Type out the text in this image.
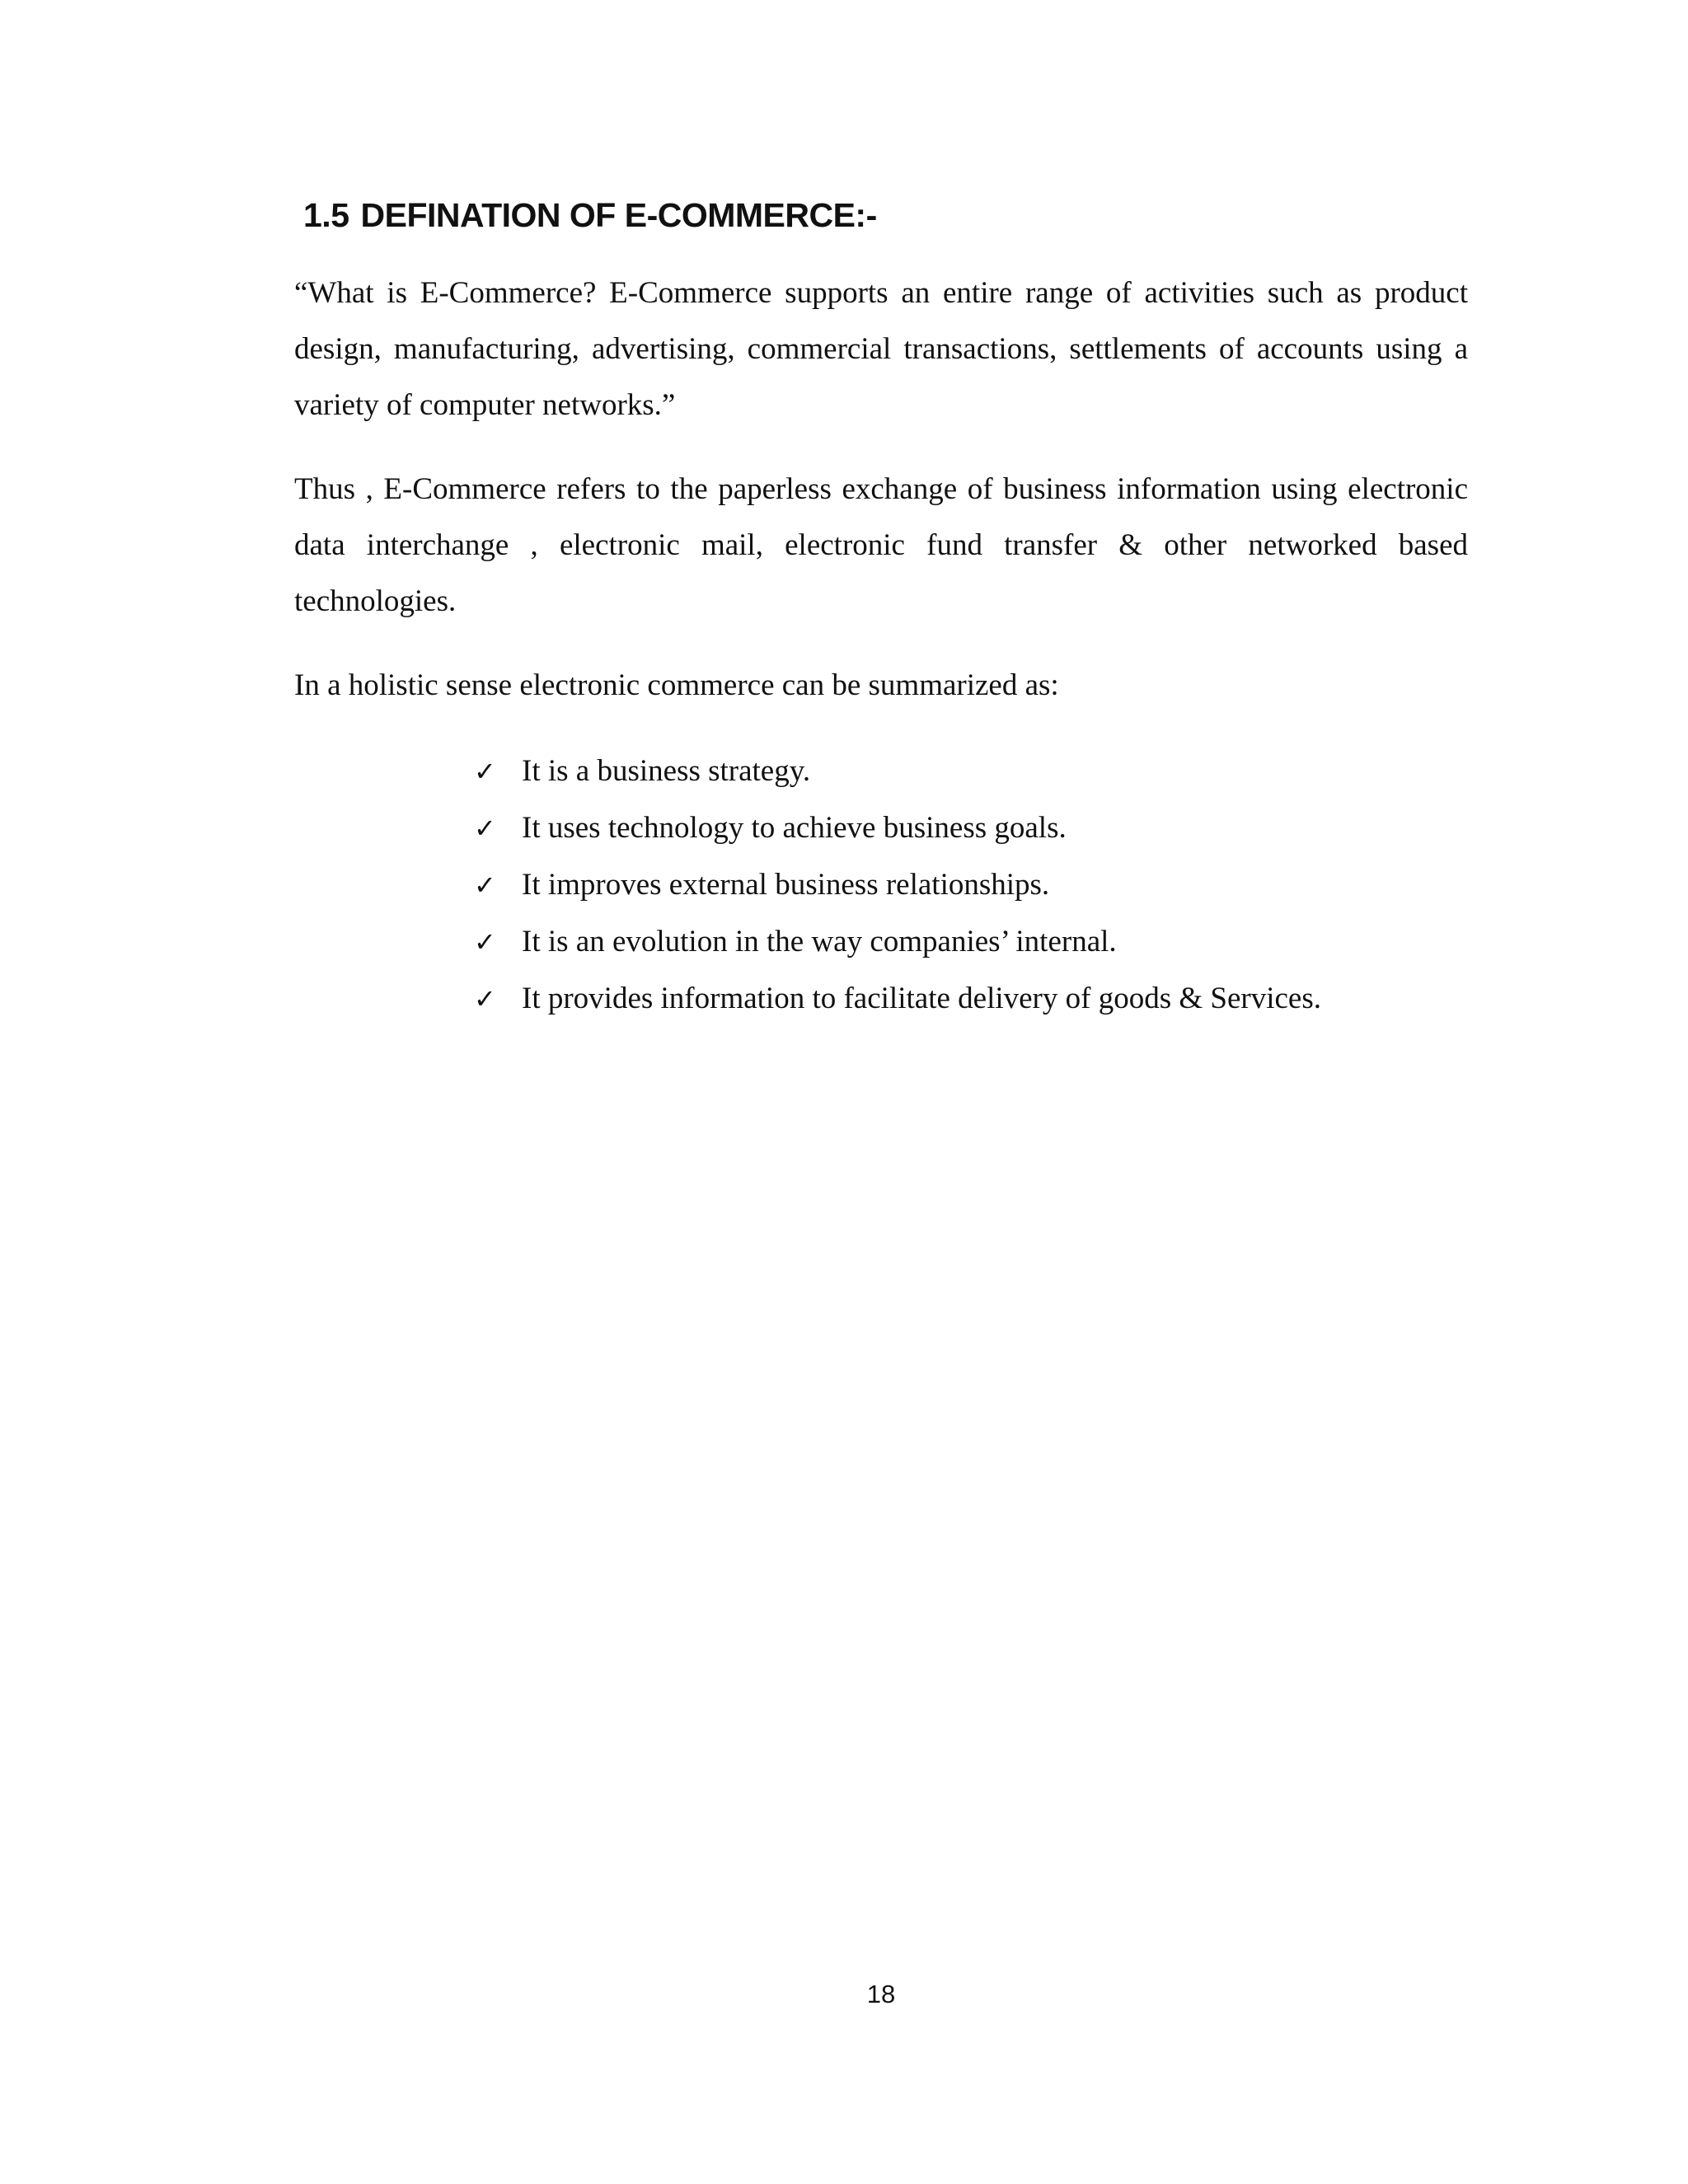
1.5 DEFINATION OF E-COMMERCE:-

“What is E-Commerce? E-Commerce supports an entire range of activities such as product design, manufacturing, advertising, commercial transactions, settlements of accounts using a variety of computer networks.”

Thus , E-Commerce refers to the paperless exchange of business information using electronic data interchange , electronic mail, electronic fund transfer & other networked based technologies.

In a holistic sense electronic commerce can be summarized as:

✓ It is a business strategy.
✓ It uses technology to achieve business goals.
✓ It improves external business relationships.
✓ It is an evolution in the way companies’ internal.
✓ It provides information to facilitate delivery of goods & Services.
18
